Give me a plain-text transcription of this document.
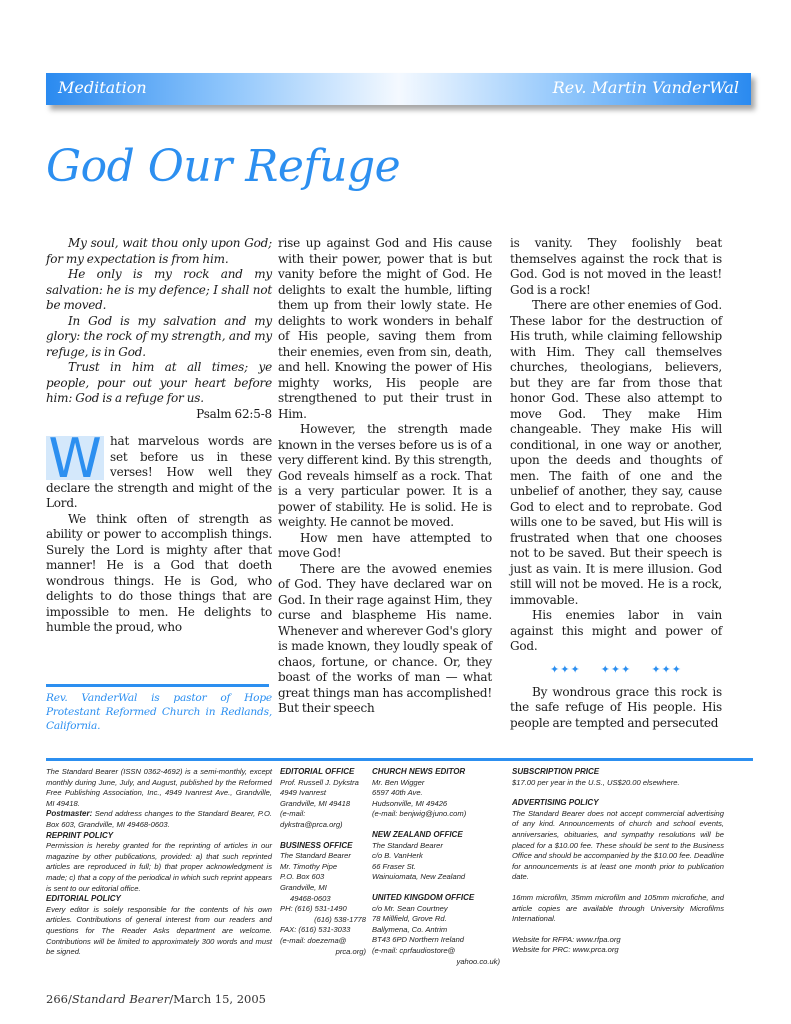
Meditation	Rev. Martin VanderWal
God Our Refuge

My soul, wait thou only upon God; for my expectation is from him.

He only is my rock and my salvation: he is my defence; I shall not be moved.

In God is my salvation and my glory: the rock of my strength, and my refuge, is in God.

Trust in him at all times; ye people, pour out your heart before him: God is a refuge for us.

Psalm 62:5-8
W hat marvelous words are set before us in these verses! How well they declare the strength and might of the Lord.

We think often of strength as ability or power to accomplish things. Surely the Lord is mighty after that manner! He is a God that doeth wondrous things. He is God, who delights to do those things that are impossible to men. He delights to humble the proud, who

Rev. VanderWal is pastor of Hope Protestant Reformed Church in Redlands, California.

rise up against God and His cause with their power, power that is but vanity before the might of God. He delights to exalt the humble, lifting them up from their lowly state. He delights to work wonders in behalf of His people, saving them from their enemies, even from sin, death, and hell. Knowing the power of His mighty works, His people are strengthened to put their trust in Him.

However, the strength made known in the verses before us is of a very different kind. By this strength, God reveals himself as a rock. That is a very particular power. It is a power of stability. He is solid. He is weighty. He cannot be moved.

How men have attempted to move God!

There are the avowed enemies of God. They have declared war on God. In their rage against Him, they curse and blaspheme His name. Whenever and wherever God's glory is made known, they loudly speak of chaos, fortune, or chance. Or, they boast of the works of man — what great things man has accomplished! But their speech

is vanity. They foolishly beat themselves against the rock that is God. God is not moved in the least! God is a rock!

There are other enemies of God. These labor for the destruction of His truth, while claiming fellowship with Him. They call themselves churches, theologians, believers, but they are far from those that honor God. These also attempt to move God. They make Him changeable. They make His will conditional, in one way or another, upon the deeds and thoughts of men. The faith of one and the unbelief of another, they say, cause God to elect and to reprobate. God wills one to be saved, but His will is frustrated when that one chooses not to be saved. But their speech is just as vain. It is mere illusion. God still will not be moved. He is a rock, immovable.

His enemies labor in vain against this might and power of God.

✦✦✦ ✦✦✦ ✦✦✦

By wondrous grace this rock is the safe refuge of His people. His people are tempted and persecuted

The Standard Bearer (ISSN 0362-4692) is a semi-monthly, except monthly during June, July, and August, published by the Reformed Free Publishing Association, Inc., 4949 Ivanrest Ave., Grandville, MI 49418.

Postmaster: Send address changes to the Standard Bearer, P.O. Box 603, Grandville, MI 49468-0603.

REPRINT POLICY

Permission is hereby granted for the reprinting of articles in our magazine by other publications, provided: a) that such reprinted articles are reproduced in full; b) that proper acknowledgment is made; c) that a copy of the periodical in which such reprint appears is sent to our editorial office.

EDITORIAL POLICY

Every editor is solely responsible for the contents of his own articles. Contributions of general interest from our readers and questions for The Reader Asks department are welcome. Contributions will be limited to approximately 300 words and must be signed.

EDITORIAL OFFICE

Prof. Russell J. Dykstra

4949 Ivanrest

Grandville, MI 49418

(e-mail:

dykstra@prca.org)

BUSINESS OFFICE

The Standard Bearer

Mr. Timothy Pipe

P.O. Box 603

Grandville, MI

49468-0603

PH: (616) 531-1490

(616) 538-1778

FAX: (616) 531-3033

(e-mail: doezema@

prca.org)

CHURCH NEWS EDITOR

Mr. Ben Wigger

6597 40th Ave.

Hudsonville, MI 49426

(e-mail: benjwig@juno.com)

NEW ZEALAND OFFICE

The Standard Bearer

c/o B. VanHerk

66 Fraser St.

Wainuiomata, New Zealand

UNITED KINGDOM OFFICE

c/o Mr. Sean Courtney

78 Millfield, Grove Rd.

Ballymena, Co. Antrim

BT43 6PD Northern Ireland

(e-mail: cprfaudiostore@

yahoo.co.uk)

SUBSCRIPTION PRICE

$17.00 per year in the U.S., US$20.00 elsewhere.

ADVERTISING POLICY

The Standard Bearer does not accept commercial advertising of any kind. Announcements of church and school events, anniversaries, obituaries, and sympathy resolutions will be placed for a $10.00 fee. These should be sent to the Business Office and should be accompanied by the $10.00 fee. Deadline for announcements is at least one month prior to publication date.

16mm microfilm, 35mm microfilm and 105mm microfiche, and article copies are available through University Microfilms International.

Website for RFPA: www.rfpa.org

Website for PRC: www.prca.org

266/Standard Bearer/March 15, 2005
